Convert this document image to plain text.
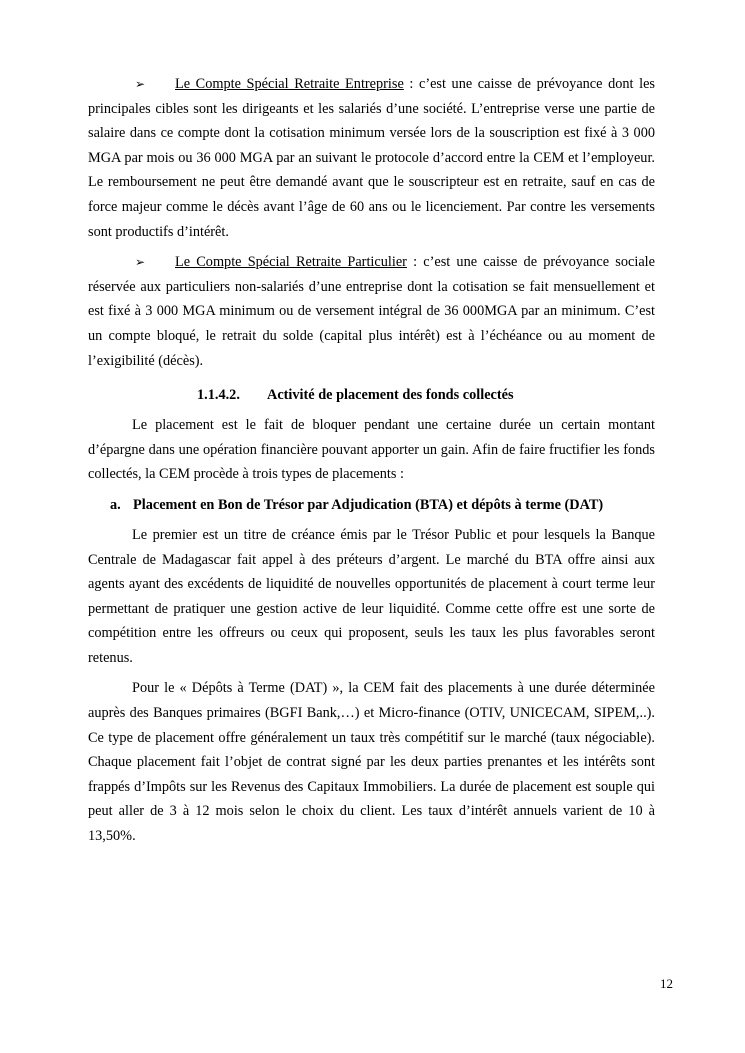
➢ Le Compte Spécial Retraite Entreprise : c’est une caisse de prévoyance dont les principales cibles sont les dirigeants et les salariés d’une société. L’entreprise verse une partie de salaire dans ce compte dont la cotisation minimum versée lors de la souscription est fixé à 3 000 MGA par mois ou 36 000 MGA par an suivant le protocole d’accord entre la CEM et l’employeur. Le remboursement ne peut être demandé avant que le souscripteur est en retraite, sauf en cas de force majeur comme le décès avant l’âge de 60 ans ou le licenciement. Par contre les versements sont productifs d’intérêt.

➢ Le Compte Spécial Retraite Particulier : c’est une caisse de prévoyance sociale réservée aux particuliers non-salariés d’une entreprise dont la cotisation se fait mensuellement et est fixé à 3 000 MGA minimum ou de versement intégral de 36 000MGA par an minimum. C’est un compte bloqué, le retrait du solde (capital plus intérêt) est à l’échéance ou au moment de l’exigibilité (décès).

1.1.4.2. Activité de placement des fonds collectés

Le placement est le fait de bloquer pendant une certaine durée un certain montant d’épargne dans une opération financière pouvant apporter un gain. Afin de faire fructifier les fonds collectés, la CEM procède à trois types de placements :

a. Placement en Bon de Trésor par Adjudication (BTA) et dépôts à terme (DAT)

Le premier est un titre de créance émis par le Trésor Public et pour lesquels la Banque Centrale de Madagascar fait appel à des préteurs d’argent. Le marché du BTA offre ainsi aux agents ayant des excédents de liquidité de nouvelles opportunités de placement à court terme leur permettant de pratiquer une gestion active de leur liquidité. Comme cette offre est une sorte de compétition entre les offreurs ou ceux qui proposent, seuls les taux les plus favorables seront retenus.

Pour le « Dépôts à Terme (DAT) », la CEM fait des placements à une durée déterminée auprès des Banques primaires (BGFI Bank,…) et Micro-finance (OTIV, UNICECAM, SIPEM,..). Ce type de placement offre généralement un taux très compétitif sur le marché (taux négociable). Chaque placement fait l’objet de contrat signé par les deux parties prenantes et les intérêts sont frappés d’Impôts sur les Revenus des Capitaux Immobiliers. La durée de placement est souple qui peut aller de 3 à 12 mois selon le choix du client. Les taux d’intérêt annuels varient de 10 à 13,50%.

12
